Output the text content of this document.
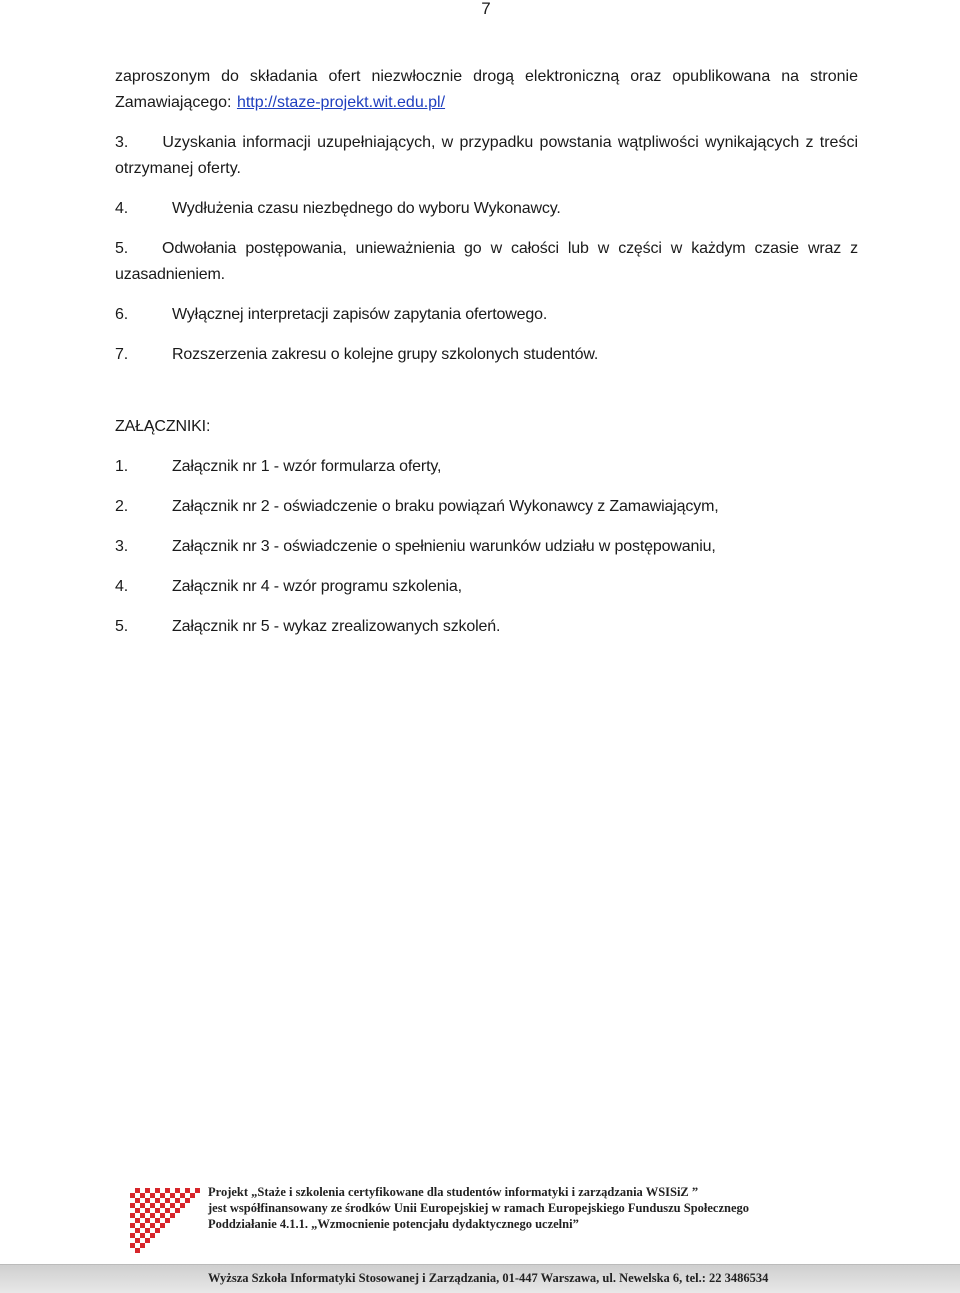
7

zaproszonym do składania ofert niezwłocznie drogą elektroniczną oraz opublikowana na stronie Zamawiającego: http://staze-projekt.wit.edu.pl/

3. Uzyskania informacji uzupełniających, w przypadku powstania wątpliwości wynikających z treści otrzymanej oferty.
4.	Wydłużenia czasu niezbędnego do wyboru Wykonawcy.
5. Odwołania postępowania, unieważnienia go w całości lub w części w każdym czasie wraz z uzasadnieniem.
6.	Wyłącznej interpretacji zapisów zapytania ofertowego.
7.	Rozszerzenia zakresu o kolejne grupy szkolonych studentów.
ZAŁĄCZNIKI:
1.	Załącznik nr 1 - wzór formularza oferty,
2.	Załącznik nr 2 - oświadczenie o braku powiązań Wykonawcy z Zamawiającym,
3.	Załącznik nr 3 - oświadczenie o spełnieniu warunków udziału w postępowaniu,
4.	Załącznik nr 4 - wzór programu szkolenia,
5.	Załącznik nr 5 - wykaz zrealizowanych szkoleń.
Projekt „Staże i szkolenia certyfikowane dla studentów informatyki i zarządzania WSISiZ ”
jest współfinansowany ze środków Unii Europejskiej w ramach Europejskiego Funduszu Społecznego
Poddziałanie 4.1.1. „Wzmocnienie potencjału dydaktycznego uczelni”
Wyższa Szkoła Informatyki Stosowanej i Zarządzania, 01-447 Warszawa, ul. Newelska 6, tel.: 22 3486534
